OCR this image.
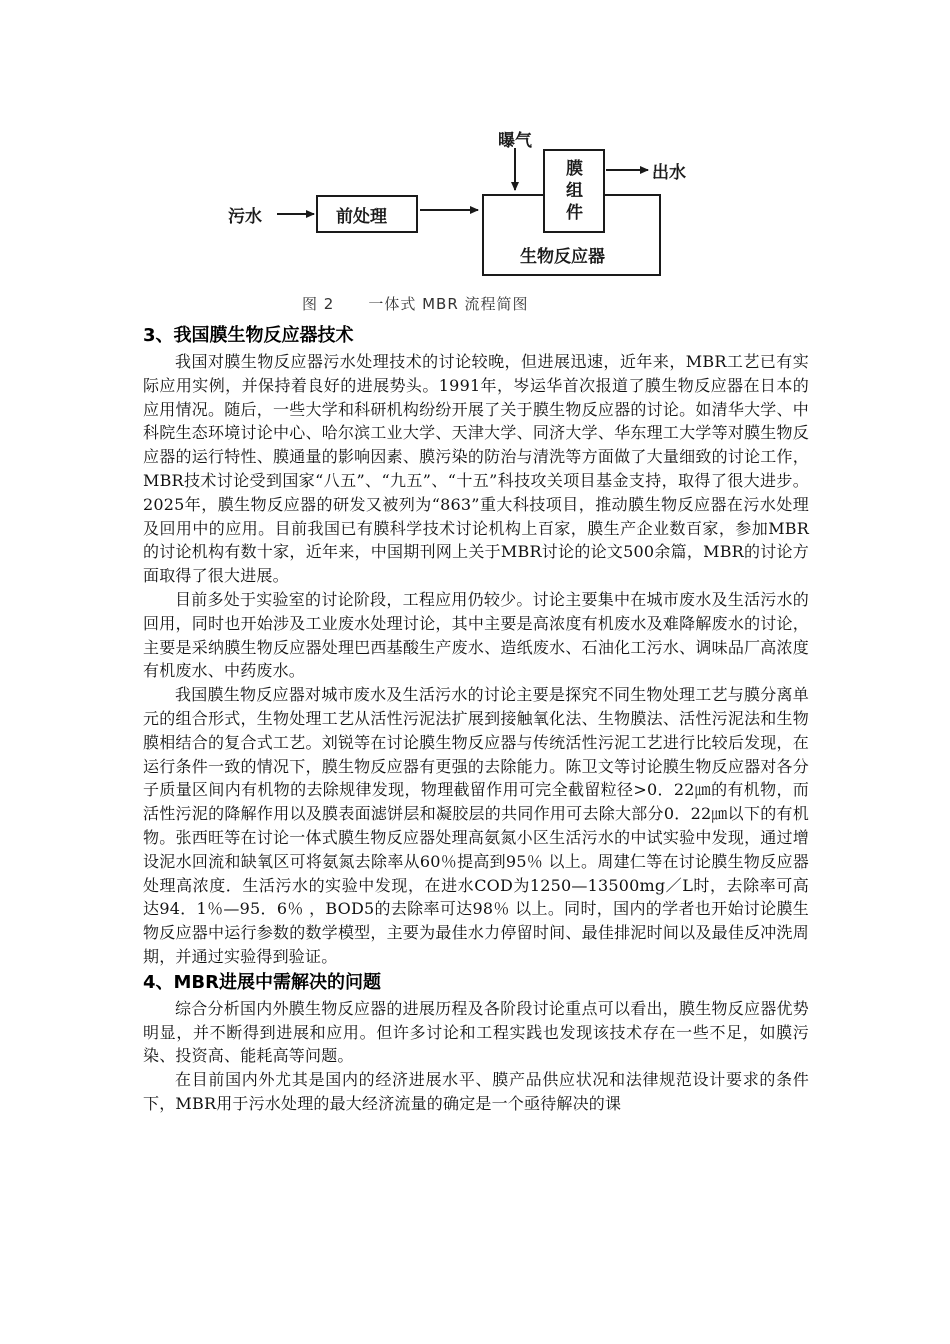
污水	前处理
曝气
膜
组
件
出水
生物反应器
图 2 一体式 MBR 流程简图
3、我国膜生物反应器技术

我国对膜生物反应器污水处理技术的讨论较晚，但进展迅速，近年来，MBR工艺已有实际应用实例，并保持着良好的进展势头。1991年，岑运华首次报道了膜生物反应器在日本的应用情况。随后，一些大学和科研机构纷纷开展了关于膜生物反应器的讨论。如清华大学、中科院生态环境讨论中心、哈尔滨工业大学、天津大学、同济大学、华东理工大学等对膜生物反应器的运行特性、膜通量的影响因素、膜污染的防治与清洗等方面做了大量细致的讨论工作，MBR技术讨论受到国家“八五”、“九五”、“十五”科技攻关项目基金支持，取得了很大进步。2025年，膜生物反应器的研发又被列为“863”重大科技项目，推动膜生物反应器在污水处理及回用中的应用。目前我国已有膜科学技术讨论机构上百家，膜生产企业数百家，参加MBR的讨论机构有数十家，近年来，中国期刊网上关于MBR讨论的论文500余篇，MBR的讨论方面取得了很大进展。

目前多处于实验室的讨论阶段，工程应用仍较少。讨论主要集中在城市废水及生活污水的回用，同时也开始涉及工业废水处理讨论，其中主要是高浓度有机废水及难降解废水的讨论，主要是采纳膜生物反应器处理巴西基酸生产废水、造纸废水、石油化工污水、调味品厂高浓度有机废水、中药废水。

我国膜生物反应器对城市废水及生活污水的讨论主要是探究不同生物处理工艺与膜分离单元的组合形式，生物处理工艺从活性污泥法扩展到接触氧化法、生物膜法、活性污泥法和生物膜相结合的复合式工艺。刘锐等在讨论膜生物反应器与传统活性污泥工艺进行比较后发现，在运行条件一致的情况下，膜生物反应器有更强的去除能力。陈卫文等讨论膜生物反应器对各分子质量区间内有机物的去除规律发现，物理截留作用可完全截留粒径>0．22㎛的有机物，而活性污泥的降解作用以及膜表面滤饼层和凝胶层的共同作用可去除大部分0．22㎛以下的有机物。张西旺等在讨论一体式膜生物反应器处理高氨氮小区生活污水的中试实验中发现，通过增设泥水回流和缺氧区可将氨氮去除率从60％提高到95％ 以上。周建仁等在讨论膜生物反应器处理高浓度．生活污水的实验中发现，在进水COD为1250—13500mg／L时，去除率可高达94．1％—95．6％ ，BOD5的去除率可达98％ 以上。同时，国内的学者也开始讨论膜生物反应器中运行参数的数学模型，主要为最佳水力停留时间、最佳排泥时间以及最佳反冲洗周期，并通过实验得到验证。

4、MBR进展中需解决的问题

综合分析国内外膜生物反应器的进展历程及各阶段讨论重点可以看出，膜生物反应器优势明显，并不断得到进展和应用。但许多讨论和工程实践也发现该技术存在一些不足，如膜污染、投资高、能耗高等问题。

在目前国内外尤其是国内的经济进展水平、膜产品供应状况和法律规范设计要求的条件下，MBR用于污水处理的最大经济流量的确定是一个亟待解决的课
